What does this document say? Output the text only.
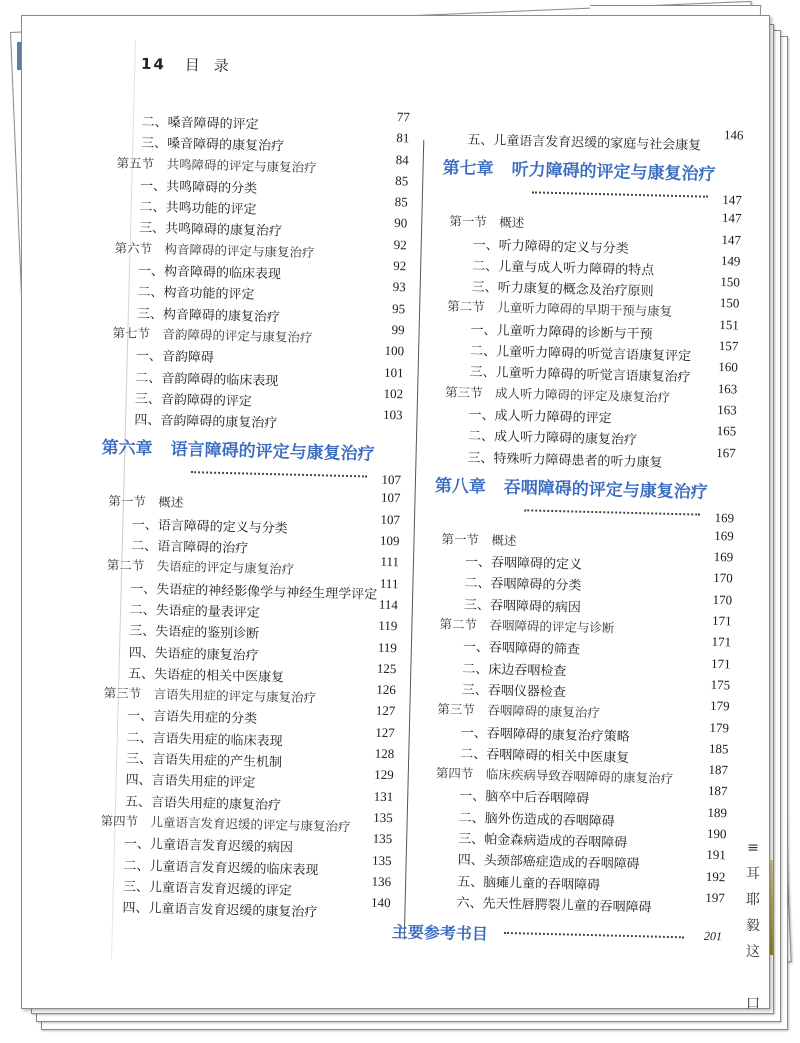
≡
耳
耶
毅
这
口
14 目录
二、嗓音障碍的评定	77
三、嗓音障碍的康复治疗	81
第五节　共鸣障碍的评定与康复治疗	84
一、共鸣障碍的分类	85
二、共鸣功能的评定	85
三、共鸣障碍的康复治疗	90
第六节　构音障碍的评定与康复治疗	92
一、构音障碍的临床表现	92
二、构音功能的评定	93
三、构音障碍的康复治疗	95
第七节　音韵障碍的评定与康复治疗	99
一、音韵障碍	100
二、音韵障碍的临床表现	101
三、音韵障碍的评定	102
四、音韵障碍的康复治疗	103
第六章 语言障碍的评定与康复治疗
107
第一节　概述	107
一、语言障碍的定义与分类	107
二、语言障碍的治疗	109
第二节　失语症的评定与康复治疗	111
一、失语症的神经影像学与神经生理学评定 111
二、失语症的量表评定	114
三、失语症的鉴别诊断	119
四、失语症的康复治疗	119
五、失语症的相关中医康复	125
第三节　言语失用症的评定与康复治疗	126
一、言语失用症的分类	127
二、言语失用症的临床表现	127
三、言语失用症的产生机制	128
四、言语失用症的评定	129
五、言语失用症的康复治疗	131
第四节　儿童语言发育迟缓的评定与康复治疗 135
一、儿童语言发育迟缓的病因	135
二、儿童语言发育迟缓的临床表现	135
三、儿童语言发育迟缓的评定	136
四、儿童语言发育迟缓的康复治疗	140
五、儿童语言发育迟缓的家庭与社会康复 146
第七章 听力障碍的评定与康复治疗
147
第一节　概述	147
一、听力障碍的定义与分类	147
二、儿童与成人听力障碍的特点	149
三、听力康复的概念及治疗原则	150
第二节　儿童听力障碍的早期干预与康复	150
一、儿童听力障碍的诊断与干预	151
二、儿童听力障碍的听觉言语康复评定 157
三、儿童听力障碍的听觉言语康复治疗 160
第三节　成人听力障碍的评定及康复治疗	163
一、成人听力障碍的评定	163
二、成人听力障碍的康复治疗	165
三、特殊听力障碍患者的听力康复	167
第八章 吞咽障碍的评定与康复治疗
169
第一节　概述	169
一、吞咽障碍的定义	169
二、吞咽障碍的分类	170
三、吞咽障碍的病因	170
第二节　吞咽障碍的评定与诊断	171
一、吞咽障碍的筛查	171
二、床边吞咽检查	171
三、吞咽仪器检查	175
第三节　吞咽障碍的康复治疗	179
一、吞咽障碍的康复治疗策略	179
二、吞咽障碍的相关中医康复	185
第四节　临床疾病导致吞咽障碍的康复治疗	187
一、脑卒中后吞咽障碍	187
二、脑外伤造成的吞咽障碍	189
三、帕金森病造成的吞咽障碍	190
四、头颈部癌症造成的吞咽障碍	191
五、脑瘫儿童的吞咽障碍	192
六、先天性唇腭裂儿童的吞咽障碍	197
主要参考书目	201
